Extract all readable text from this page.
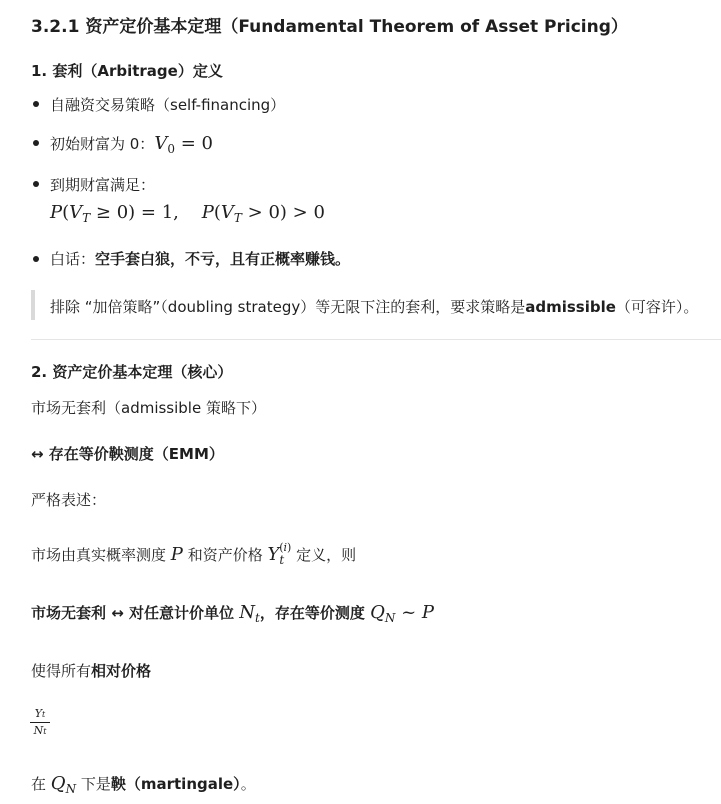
3.2.1 资产定价基本定理（Fundamental Theorem of Asset Pricing）
1. 套利（Arbitrage）定义
自融资交易策略（self-financing）
初始财富为 0：$V_0 = 0$
到期财富满足：
$P(V_T \ge 0) = 1$,    $P(V_T > 0) > 0$
白话：空手套白狼，不亏，且有正概率赚钱。
排除 “加倍策略”（doubling strategy）等无限下注的套利，要求策略是admissible（可容许）。
2. 资产定价基本定理（核心）
市场无套利（admissible 策略下）
↔ 存在等价鞅测度（EMM）
严格表述：
市场由真实概率测度 P 和资产价格 $Y_t^{(i)}$ 定义，则
市场无套利 ↔ 对任意计价单位 $N_t$，存在等价测度 $Q_N$ ~ P
使得所有相对价格
Yt
Nt
在 $Q_N$ 下是鞅（martingale）。
